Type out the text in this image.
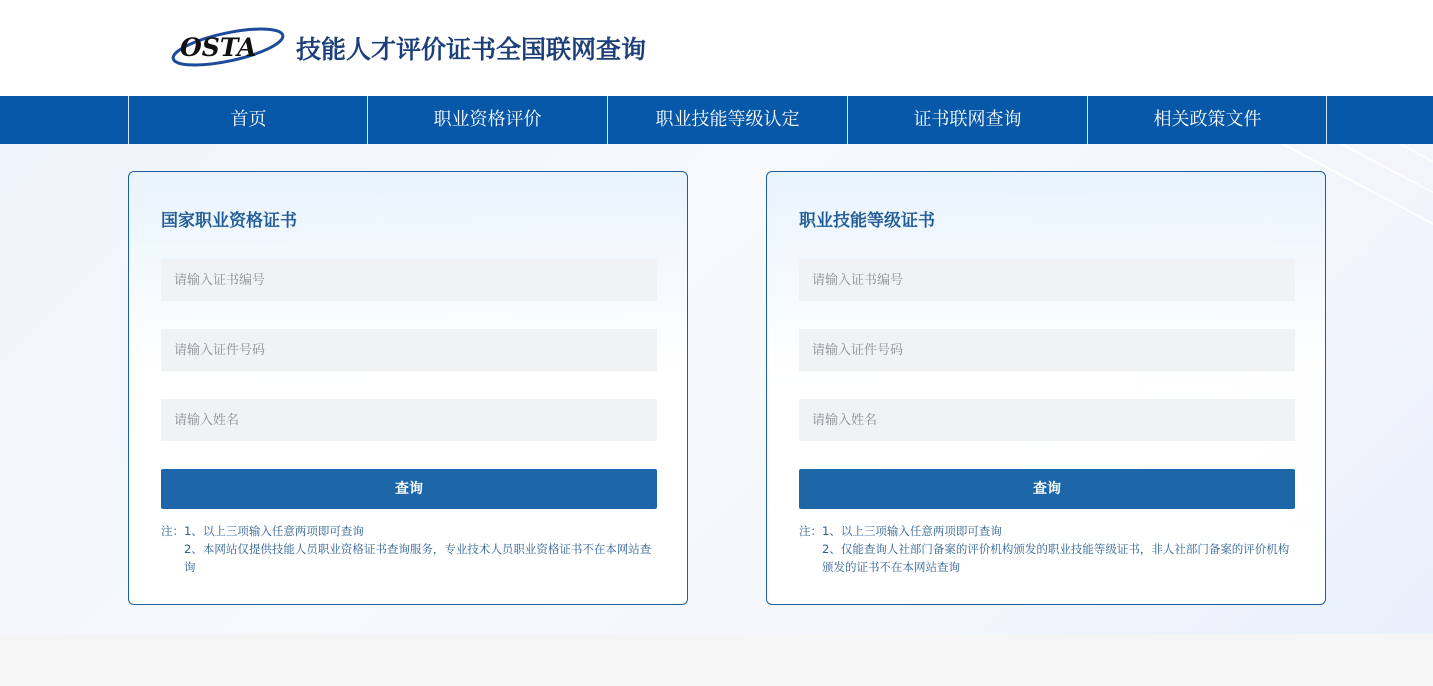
OSTA 技能人才评价证书全国联网查询
首页	职业资格评价	职业技能等级认定	证书联网查询	相关政策文件
国家职业资格证书
请输入证书编号
请输入证件号码
请输入姓名
查询
注：1、以上三项输入任意两项即可查询
2、本网站仅提供技能人员职业资格证书查询服务，专业技术人员职业资格证书不在本网站查询
职业技能等级证书
请输入证书编号
请输入证件号码
请输入姓名
查询
注：1、以上三项输入任意两项即可查询
2、仅能查询人社部门备案的评价机构颁发的职业技能等级证书，非人社部门备案的评价机构颁发的证书不在本网站查询
